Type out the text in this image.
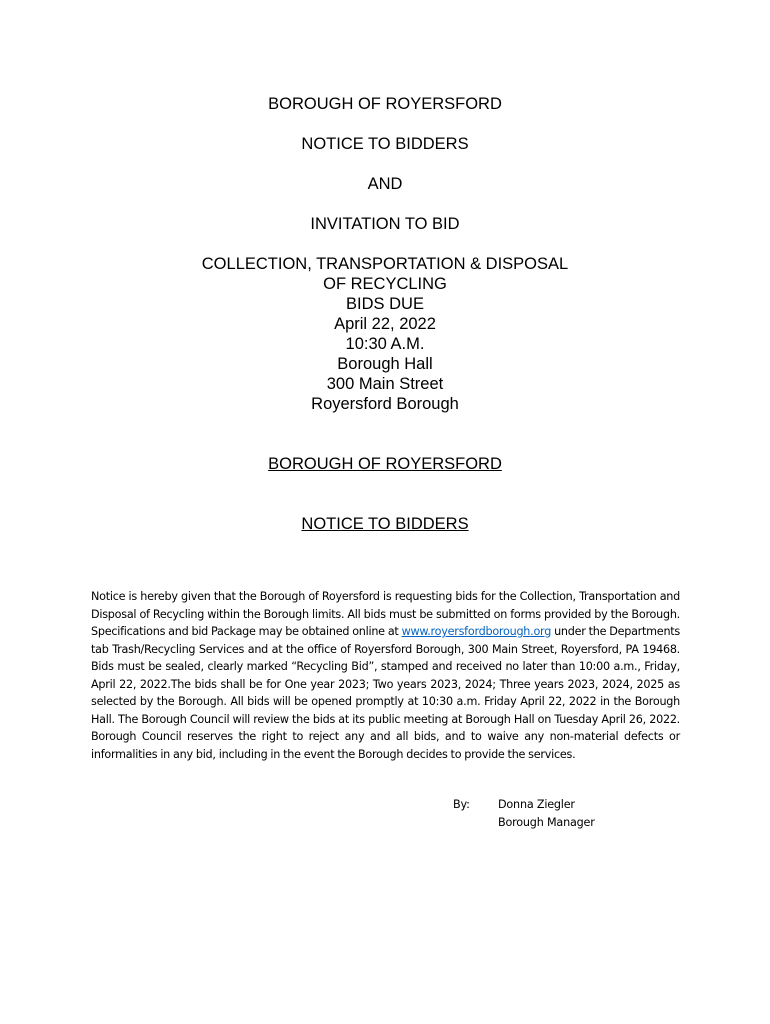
BOROUGH OF ROYERSFORD
NOTICE TO BIDDERS
AND
INVITATION TO BID
COLLECTION, TRANSPORTATION & DISPOSAL
OF RECYCLING
BIDS DUE
April 22, 2022
10:30 A.M.
Borough Hall
300 Main Street
Royersford Borough
BOROUGH OF ROYERSFORD
NOTICE TO BIDDERS
Notice is hereby given that the Borough of Royersford is requesting bids for the Collection, Transportation and Disposal of Recycling within the Borough limits. All bids must be submitted on forms provided by the Borough. Specifications and bid Package may be obtained online at www.royersfordborough.org under the Departments tab Trash/Recycling Services and at the office of Royersford Borough, 300 Main Street, Royersford, PA 19468. Bids must be sealed, clearly marked “Recycling Bid”, stamped and received no later than 10:00 a.m., Friday, April 22, 2022.The bids shall be for One year 2023; Two years 2023, 2024; Three years 2023, 2024, 2025 as selected by the Borough. All bids will be opened promptly at 10:30 a.m. Friday April 22, 2022 in the Borough Hall. The Borough Council will review the bids at its public meeting at Borough Hall on Tuesday April 26, 2022. Borough Council reserves the right to reject any and all bids, and to waive any non-material defects or informalities in any bid, including in the event the Borough decides to provide the services.
By:	Donna Ziegler
Borough Manager
